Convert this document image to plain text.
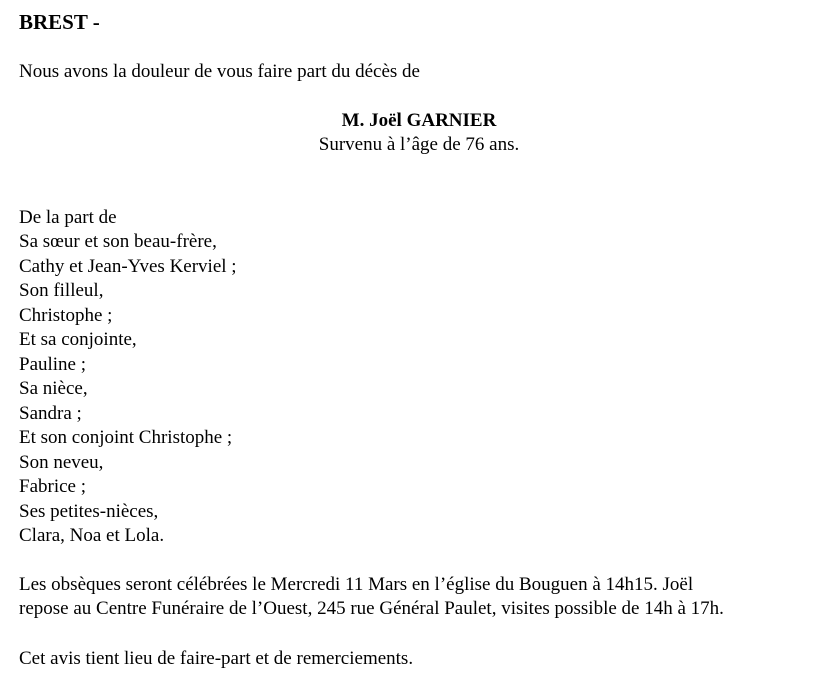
BREST -

Nous avons la douleur de vous faire part du décès de

M. Joël GARNIER
Survenu à l’âge de 76 ans.
De la part de
Sa sœur et son beau-frère,
Cathy et Jean-Yves Kerviel ;
Son filleul,
Christophe ;
Et sa conjointe,
Pauline ;
Sa nièce,
Sandra ;
Et son conjoint Christophe ;
Son neveu,
Fabrice ;
Ses petites-nièces,
Clara, Noa et Lola.
Les obsèques seront célébrées le Mercredi 11 Mars en l’église du Bouguen à 14h15. Joël
repose au Centre Funéraire de l’Ouest, 245 rue Général Paulet, visites possible de 14h à 17h.

Cet avis tient lieu de faire-part et de remerciements.
